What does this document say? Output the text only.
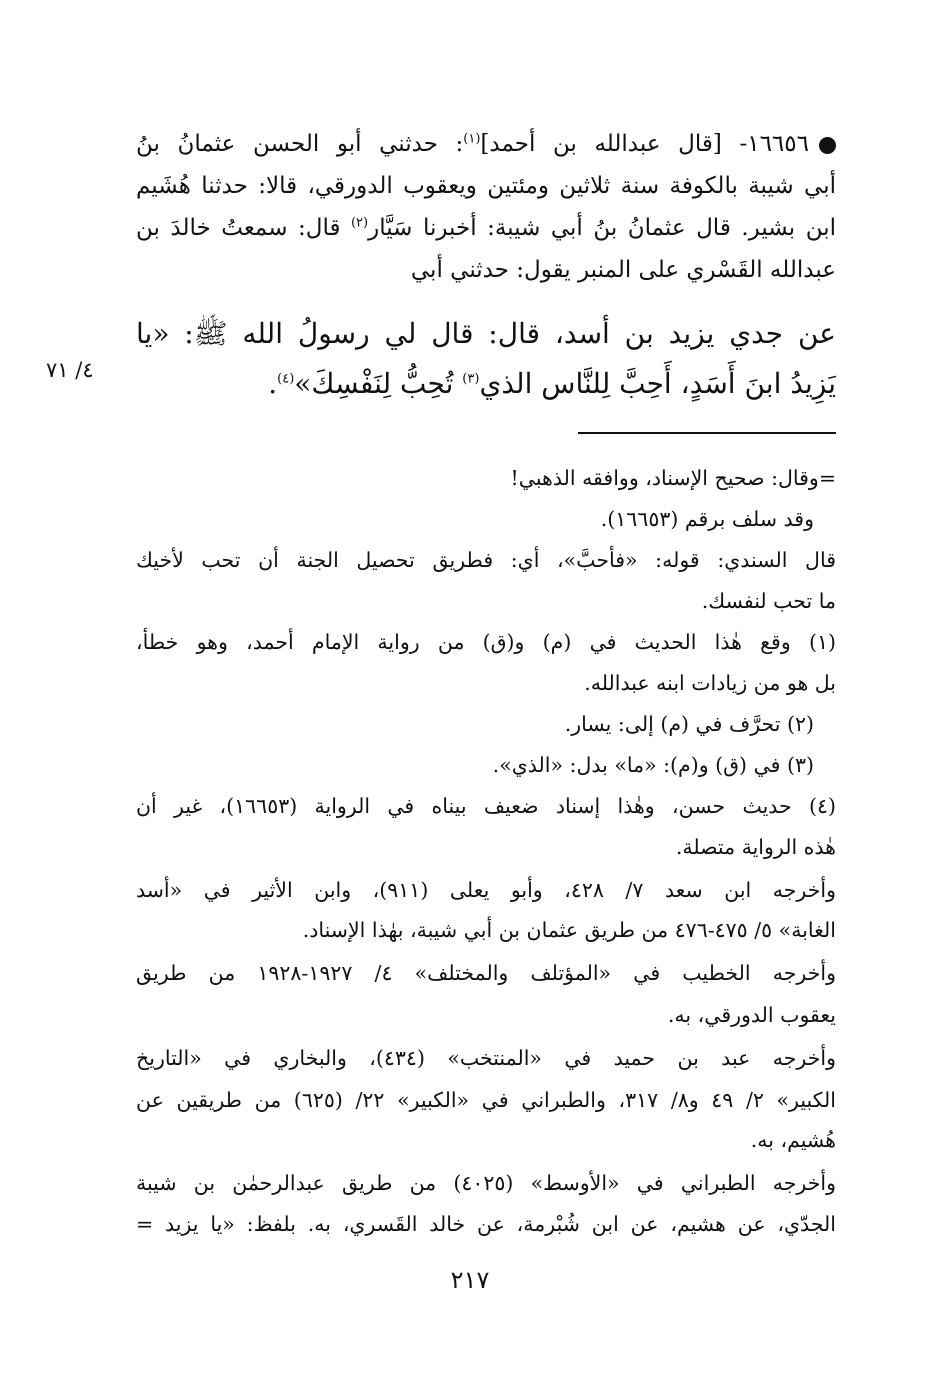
١٦٦٥٦- [قال عبدالله بن أحمد]$^{(١)}$: حدثني أبو الحسن عثمانُ بنُ
أبي شيبة بالكوفة سنة ثلاثين ومئتين ويعقوب الدورقي، قالا: حدثنا هُشَيم
ابن بشير. قال عثمانُ بنُ أبي شيبة: أخبرنا سَيَّار$^{(٢)}$ قال: سمعتُ خالدَ بن
عبدالله القَسْري على المنبر يقول: حدثني أبي
عن جدي يزيد بن أسد، قال: قال لي رسولُ الله ﷺ: «يا
يَزِيدُ ابنَ أَسَدٍ، أَحِبَّ لِلنَّاس الذي$^{(٣)}$ تُحِبُّ لِنَفْسِكَ»$^{(٤)}$.
٤/ ٧١
=وقال: صحيح الإسناد، ووافقه الذهبي!
وقد سلف برقم (١٦٦٥٣).
قال السندي: قوله: «فأحبَّ»، أي: فطريق تحصيل الجنة أن تحب لأخيك
ما تحب لنفسك.
(١) وقع هٰذا الحديث في (م) و(ق) من رواية الإمام أحمد، وهو خطأ،
بل هو من زيادات ابنه عبدالله.
(٢) تحرَّف في (م) إلى: يسار.
(٣) في (ق) و(م): «ما» بدل: «الذي».
(٤) حديث حسن، وهٰذا إسناد ضعيف بيناه في الرواية (١٦٦٥٣)، غير أن
هٰذه الرواية متصلة.
وأخرجه ابن سعد ٧/ ٤٢٨، وأبو يعلى (٩١١)، وابن الأثير في «أسد
الغابة» ٥/ ٤٧٥-٤٧٦ من طريق عثمان بن أبي شيبة، بهٰذا الإسناد.
وأخرجه الخطيب في «المؤتلف والمختلف» ٤/ ١٩٢٧-١٩٢٨ من طريق
يعقوب الدورقي، به.
وأخرجه عبد بن حميد في «المنتخب» (٤٣٤)، والبخاري في «التاريخ
الكبير» ٢/ ٤٩ و٨/ ٣١٧، والطبراني في «الكبير» ٢٢/ (٦٢٥) من طريقين عن
هُشيم، به.
وأخرجه الطبراني في «الأوسط» (٤٠٢٥) من طريق عبدالرحمٰن بن شيبة
الجدّي، عن هشيم، عن ابن شُبْرمة، عن خالد القَسري، به. بلفظ: «يا يزيد =
٢١٧
